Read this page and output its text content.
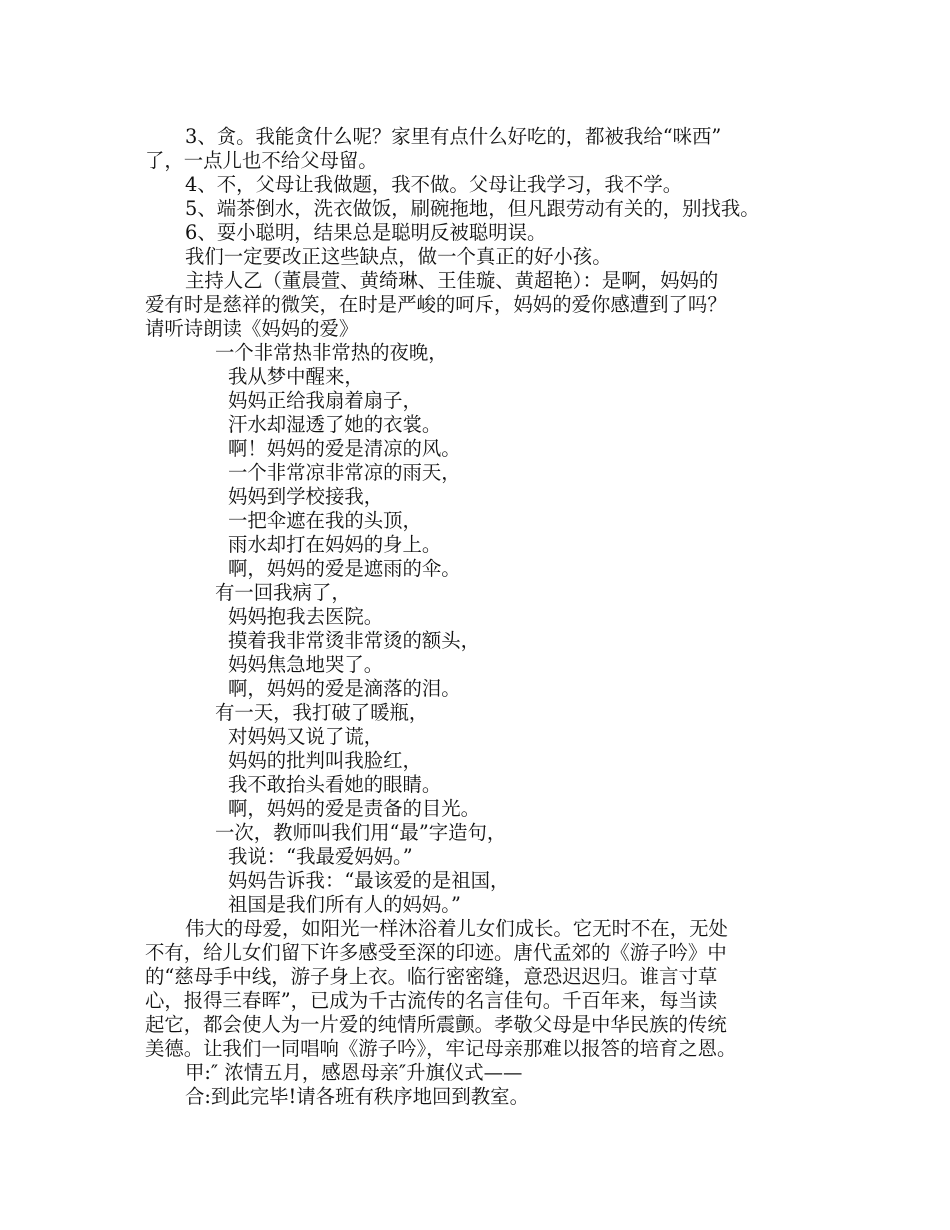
3、贪。我能贪什么呢？家里有点什么好吃的，都被我给“咪西”
了，一点儿也不给父母留。
4、不，父母让我做题，我不做。父母让我学习，我不学。
5、端茶倒水，洗衣做饭，刷碗拖地，但凡跟劳动有关的，别找我。
6、耍小聪明，结果总是聪明反被聪明误。
我们一定要改正这些缺点，做一个真正的好小孩。
主持人乙（董晨萱、黄绮琳、王佳璇、黄超艳）：是啊，妈妈的
爱有时是慈祥的微笑，在时是严峻的呵斥，妈妈的爱你感遭到了吗？
请听诗朗读《妈妈的爱》
一个非常热非常热的夜晚，
我从梦中醒来，
妈妈正给我扇着扇子，
汗水却湿透了她的衣裳。
啊！妈妈的爱是清凉的风。
一个非常凉非常凉的雨天，
妈妈到学校接我，
一把伞遮在我的头顶，
雨水却打在妈妈的身上。
啊，妈妈的爱是遮雨的伞。
有一回我病了，
妈妈抱我去医院。
摸着我非常烫非常烫的额头，
妈妈焦急地哭了。
啊，妈妈的爱是滴落的泪。
有一天，我打破了暖瓶，
对妈妈又说了谎，
妈妈的批判叫我脸红，
我不敢抬头看她的眼睛。
啊，妈妈的爱是责备的目光。
一次，教师叫我们用“最”字造句，
我说：“我最爱妈妈。”
妈妈告诉我：“最该爱的是祖国，
祖国是我们所有人的妈妈。”
伟大的母爱，如阳光一样沐浴着儿女们成长。它无时不在，无处
不有，给儿女们留下许多感受至深的印迹。唐代孟郊的《游子吟》中
的“慈母手中线，游子身上衣。临行密密缝，意恐迟迟归。谁言寸草
心，报得三春晖”，已成为千古流传的名言佳句。千百年来，每当读
起它，都会使人为一片爱的纯情所震颤。孝敬父母是中华民族的传统
美德。让我们一同唱响《游子吟》，牢记母亲那难以报答的培育之恩。
甲:″ 浓情五月，感恩母亲″升旗仪式——
合:到此完毕!请各班有秩序地回到教室。
